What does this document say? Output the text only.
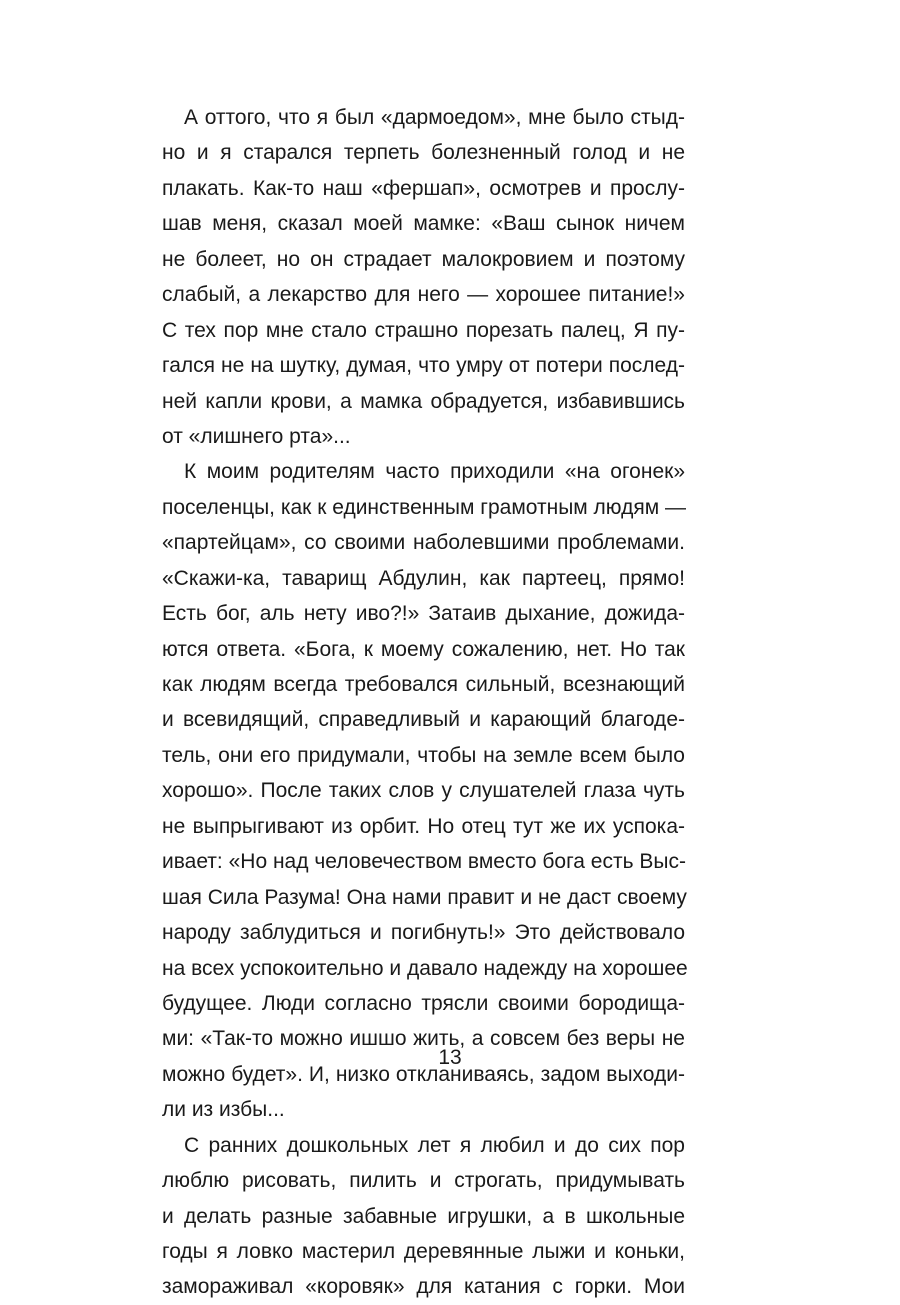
А оттого, что я был «дармоедом», мне было стыд-
но и я старался терпеть болезненный голод и не
плакать. Как-то наш «фершап», осмотрев и прослу-
шав меня, сказал моей мамке: «Ваш сынок ничем
не болеет, но он страдает малокровием и поэтому
слабый, а лекарство для него — хорошее питание!»
С тех пор мне стало страшно порезать палец, Я пу-
гался не на шутку, думая, что умру от потери послед-
ней капли крови, а мамка обрадуется, избавившись
от «лишнего рта»...
К моим родителям часто приходили «на огонек»
поселенцы, как к единственным грамотным людям —
«партейцам», со своими наболевшими проблемами.
«Скажи-ка, таварищ Абдулин, как партеец, прямо!
Есть бог, аль нету иво?!» Затаив дыхание, дожида-
ются ответа. «Бога, к моему сожалению, нет. Но так
как людям всегда требовался сильный, всезнающий
и всевидящий, справедливый и карающий благоде-
тель, они его придумали, чтобы на земле всем было
хорошо». После таких слов у слушателей глаза чуть
не выпрыгивают из орбит. Но отец тут же их успока-
ивает: «Но над человечеством вместо бога есть Выс-
шая Сила Разума! Она нами правит и не даст своему
народу заблудиться и погибнуть!» Это действовало
на всех успокоительно и давало надежду на хорошее
будущее. Люди согласно трясли своими бородища-
ми: «Так-то можно ишшо жить, а совсем без веры не
можно будет». И, низко откланиваясь, задом выходи-
ли из избы...
С ранних дошкольных лет я любил и до сих пор
люблю рисовать, пилить и строгать, придумывать
и делать разные забавные игрушки, а в школьные
годы я ловко мастерил деревянные лыжи и коньки,
замораживал «коровяк» для катания с горки. Мои
13
